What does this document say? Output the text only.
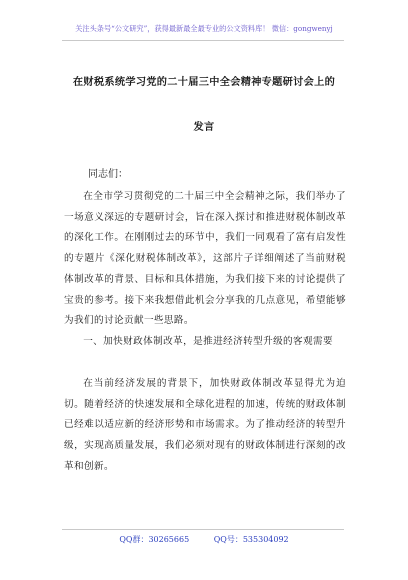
关注头条号“公文研究”，获得最新最全最专业的公文资料库！ 微信：gongwenyj
在财税系统学习党的二十届三中全会精神专题研讨会上的
发言
同志们：

在全市学习贯彻党的二十届三中全会精神之际，我们举办了一场意义深远的专题研讨会，旨在深入探讨和推进财税体制改革的深化工作。在刚刚过去的环节中，我们一同观看了富有启发性的专题片《深化财税体制改革》，这部片子详细阐述了当前财税体制改革的背景、目标和具体措施，为我们接下来的讨论提供了宝贵的参考。接下来我想借此机会分享我的几点意见，希望能够为我们的讨论贡献一些思路。

一、加快财政体制改革，是推进经济转型升级的客观需要

在当前经济发展的背景下，加快财政体制改革显得尤为迫切。随着经济的快速发展和全球化进程的加速，传统的财政体制已经难以适应新的经济形势和市场需求。为了推动经济的转型升级，实现高质量发展，我们必须对现有的财政体制进行深刻的改革和创新。

QQ群：30265665	QQ号：535304092
